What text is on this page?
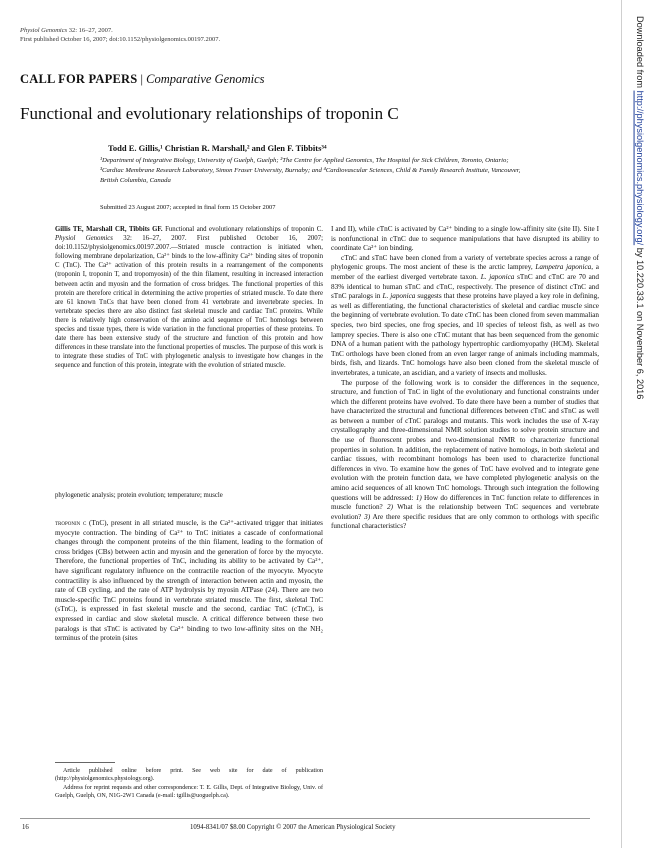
Physiol Genomics 32: 16–27, 2007.
First published October 16, 2007; doi:10.1152/physiolgenomics.00197.2007.
CALL FOR PAPERS | Comparative Genomics
Functional and evolutionary relationships of troponin C
Todd E. Gillis,¹ Christian R. Marshall,² and Glen F. Tibbits³⁴
¹Department of Integrative Biology, University of Guelph, Guelph; ²The Centre for Applied Genomics, The Hospital for Sick Children, Toronto, Ontario; ³Cardiac Membrane Research Laboratory, Simon Fraser University, Burnaby; and ⁴Cardiovascular Sciences, Child & Family Research Institute, Vancouver, British Columbia, Canada
Submitted 23 August 2007; accepted in final form 15 October 2007

Gillis TE, Marshall CR, Tibbits GF. Functional and evolutionary relationships of troponin C. Physiol Genomics 32: 16–27, 2007. First published October 16, 2007; doi:10.1152/physiolgenomics.00197.2007.—Striated muscle contraction is initiated when, following membrane depolarization, Ca²⁺ binds to the low-affinity Ca²⁺ binding sites of troponin C (TnC). The Ca²⁺ activation of this protein results in a rearrangement of the components (troponin I, troponin T, and tropomyosin) of the thin filament, resulting in increased interaction between actin and myosin and the formation of cross bridges. The functional properties of this protein are therefore critical in determining the active properties of striated muscle. To date there are 61 known TnCs that have been cloned from 41 vertebrate and invertebrate species. In vertebrate species there are also distinct fast skeletal muscle and cardiac TnC proteins. While there is relatively high conservation of the amino acid sequence of TnC homologs between species and tissue types, there is wide variation in the functional properties of these proteins. To date there has been extensive study of the structure and function of this protein and how differences in these translate into the functional properties of muscles. The purpose of this work is to integrate these studies of TnC with phylogenetic analysis to investigate how changes in the sequence and function of this protein, integrate with the evolution of striated muscle.

phylogenetic analysis; protein evolution; temperature; muscle

troponin c (TnC), present in all striated muscle, is the Ca²⁺-activated trigger that initiates myocyte contraction. The binding of Ca²⁺ to TnC initiates a cascade of conformational changes through the component proteins of the thin filament, leading to the formation of cross bridges (CBs) between actin and myosin and the generation of force by the myocyte. Therefore, the functional properties of TnC, including its ability to be activated by Ca²⁺, have significant regulatory influence on the contractile reaction of the myocyte. Myocyte contractility is also influenced by the strength of interaction between actin and myosin, the rate of CB cycling, and the rate of ATP hydrolysis by myosin ATPase (24). There are two muscle-specific TnC proteins found in vertebrate striated muscle. The first, skeletal TnC (sTnC), is expressed in fast skeletal muscle and the second, cardiac TnC (cTnC), is expressed in cardiac and slow skeletal muscle. A critical difference between these two paralogs is that sTnC is activated by Ca²⁺ binding to two low-affinity sites on the NH₂ terminus of the protein (sites

I and II), while cTnC is activated by Ca²⁺ binding to a single low-affinity site (site II). Site I is nonfunctional in cTnC due to sequence manipulations that have disrupted its ability to coordinate Ca²⁺ ion binding.

cTnC and sTnC have been cloned from a variety of vertebrate species across a range of phylogenic groups. The most ancient of these is the arctic lamprey, Lampetra japonica, a member of the earliest diverged vertebrate taxon. L. japonica sTnC and cTnC are 70 and 83% identical to human sTnC and cTnC, respectively. The presence of distinct cTnC and sTnC paralogs in L. japonica suggests that these proteins have played a key role in defining, as well as differentiating, the functional characteristics of skeletal and cardiac muscle since the beginning of vertebrate evolution. To date cTnC has been cloned from seven mammalian species, two bird species, one frog species, and 10 species of teleost fish, as well as two lamprey species. There is also one cTnC mutant that has been sequenced from the genomic DNA of a human patient with the pathology hypertrophic cardiomyopathy (HCM). Skeletal TnC orthologs have been cloned from an even larger range of animals including mammals, birds, fish, and lizards. TnC homologs have also been cloned from the skeletal muscle of invertebrates, a tunicate, an ascidian, and a variety of insects and mollusks.

The purpose of the following work is to consider the differences in the sequence, structure, and function of TnC in light of the evolutionary and functional constraints under which the different proteins have evolved. To date there have been a number of studies that have characterized the structural and functional differences between cTnC and sTnC as well as between a number of cTnC paralogs and mutants. This work includes the use of X-ray crystallography and three-dimensional NMR solution studies to solve protein structure and the use of fluorescent probes and two-dimensional NMR to characterize functional properties in solution. In addition, the replacement of native homologs, in both skeletal and cardiac tissues, with recombinant homologs has been used to characterize functional differences in vivo. To examine how the genes of TnC have evolved and to integrate gene evolution with the protein function data, we have completed phylogenetic analysis on the amino acid sequences of all known TnC homologs. Through such integration the following questions will be addressed: 1) How do differences in TnC function relate to differences in muscle function? 2) What is the relationship between TnC sequences and vertebrate evolution? 3) Are there specific residues that are only common to orthologs with specific functional characteristics?

Article published online before print. See web site for date of publication (http://physiolgenomics.physiology.org).

Address for reprint requests and other correspondence: T. E. Gillis, Dept. of Integrative Biology, Univ. of Guelph, Guelph, ON, N1G-2W1 Canada (e-mail: tgillis@uoguelph.ca).

16	1094-8341/07 $8.00 Copyright © 2007 the American Physiological Society
Downloaded from http://physiolgenomics.physiology.org/ by 10.220.33.1 on November 6, 2016
